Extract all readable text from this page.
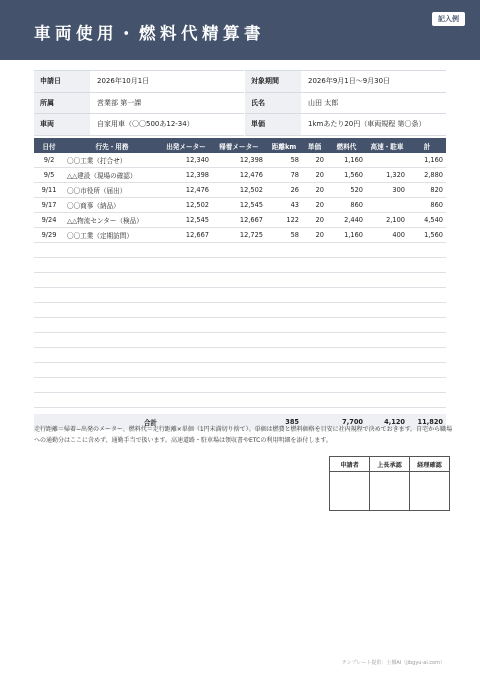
車両使用・燃料代精算書
記入例
申請日	2026年10月1日
所属	営業部 第一課
車両	自家用車（〇〇500あ12-34）
対象期間	2026年9月1日〜9月30日
氏名	山田 太郎
単価	1kmあたり20円（車両規程 第〇条）
日付	行先・用務	出発メーター	帰着メーター	距離km	単価	燃料代	高速・駐車	計
9/2	〇〇工業（打合せ）	12,340	12,398	58	20	1,160		1,160
9/5	△△建設（現場の確認）	12,398	12,476	78	20	1,560	1,320	2,880
9/11	〇〇市役所（届出）	12,476	12,502	26	20	520	300	820
9/17	〇〇商事（納品）	12,502	12,545	43	20	860		860
9/24	△△物流センター（検品）	12,545	12,667	122	20	2,440	2,100	4,540
9/29	〇〇工業（定期訪問）	12,667	12,725	58	20	1,160	400	1,560

	合計			385		7,700	4,120	11,820
走行距離＝帰着−出発のメーター、燃料代＝走行距離×単価（1円未満切り捨て）。単価は燃費と燃料価格を目安に社内規程で決めておきます。自宅から職場への通勤分はここに含めず、通勤手当で扱います。高速道路・駐車場は領収書やETCの利用明細を添付します。
申請者	上長承認	経理確認

テンプレート提供：土橋AI（jibgyu-ai.com）
